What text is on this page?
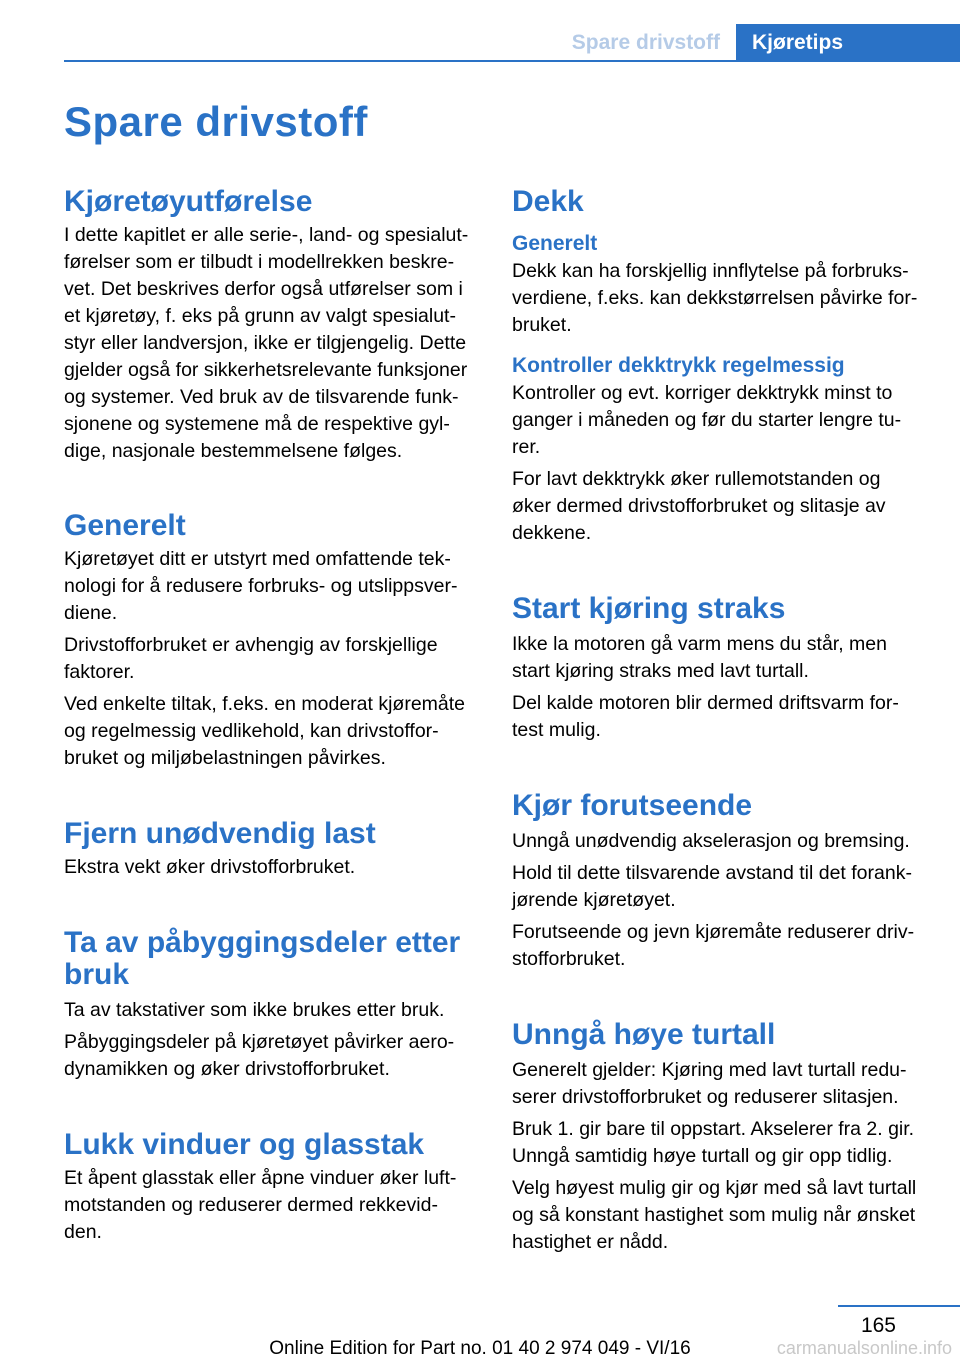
Spare drivstoff	Kjøretips
Spare drivstoff
Kjøretøyutførelse

I dette kapitlet er alle serie-, land- og spesialut‐
førelser som er tilbudt i modellrekken beskre‐
vet. Det beskrives derfor også utførelser som i
et kjøretøy, f. eks på grunn av valgt spesialut‐
styr eller landversjon, ikke er tilgjengelig. Dette
gjelder også for sikkerhetsrelevante funksjoner
og systemer. Ved bruk av de tilsvarende funk‐
sjonene og systemene må de respektive gyl‐
dige, nasjonale bestemmelsene følges.

Generelt

Kjøretøyet ditt er utstyrt med omfattende tek‐
nologi for å redusere forbruks- og utslippsver‐
diene.

Drivstofforbruket er avhengig av forskjellige
faktorer.

Ved enkelte tiltak, f.eks. en moderat kjøremåte
og regelmessig vedlikehold, kan drivstoffor‐
bruket og miljøbelastningen påvirkes.

Fjern unødvendig last

Ekstra vekt øker drivstofforbruket.

Ta av påbyggingsdeler etter
bruk

Ta av takstativer som ikke brukes etter bruk.

Påbyggingsdeler på kjøretøyet påvirker aero‐
dynamikken og øker drivstofforbruket.

Lukk vinduer og glasstak

Et åpent glasstak eller åpne vinduer øker luft‐
motstanden og reduserer dermed rekkevid‐
den.

Dekk
Generelt

Dekk kan ha forskjellig innflytelse på forbruks‐
verdiene, f.eks. kan dekkstørrelsen påvirke for‐
bruket.

Kontroller dekktrykk regelmessig

Kontroller og evt. korriger dekktrykk minst to
ganger i måneden og før du starter lengre tu‐
rer.

For lavt dekktrykk øker rullemotstanden og
øker dermed drivstofforbruket og slitasje av
dekkene.

Start kjøring straks

Ikke la motoren gå varm mens du står, men
start kjøring straks med lavt turtall.

Del kalde motoren blir dermed driftsvarm for‐
test mulig.

Kjør forutseende

Unngå unødvendig akselerasjon og bremsing.

Hold til dette tilsvarende avstand til det forank‐
jørende kjøretøyet.

Forutseende og jevn kjøremåte reduserer driv‐
stofforbruket.

Unngå høye turtall

Generelt gjelder: Kjøring med lavt turtall redu‐
serer drivstofforbruket og reduserer slitasjen.

Bruk 1. gir bare til oppstart. Akselerer fra 2. gir.
Unngå samtidig høye turtall og gir opp tidlig.

Velg høyest mulig gir og kjør med så lavt turtall
og så konstant hastighet som mulig når ønsket
hastighet er nådd.

165
Online Edition for Part no. 01 40 2 974 049 - VI/16	carmanualsonline.info
